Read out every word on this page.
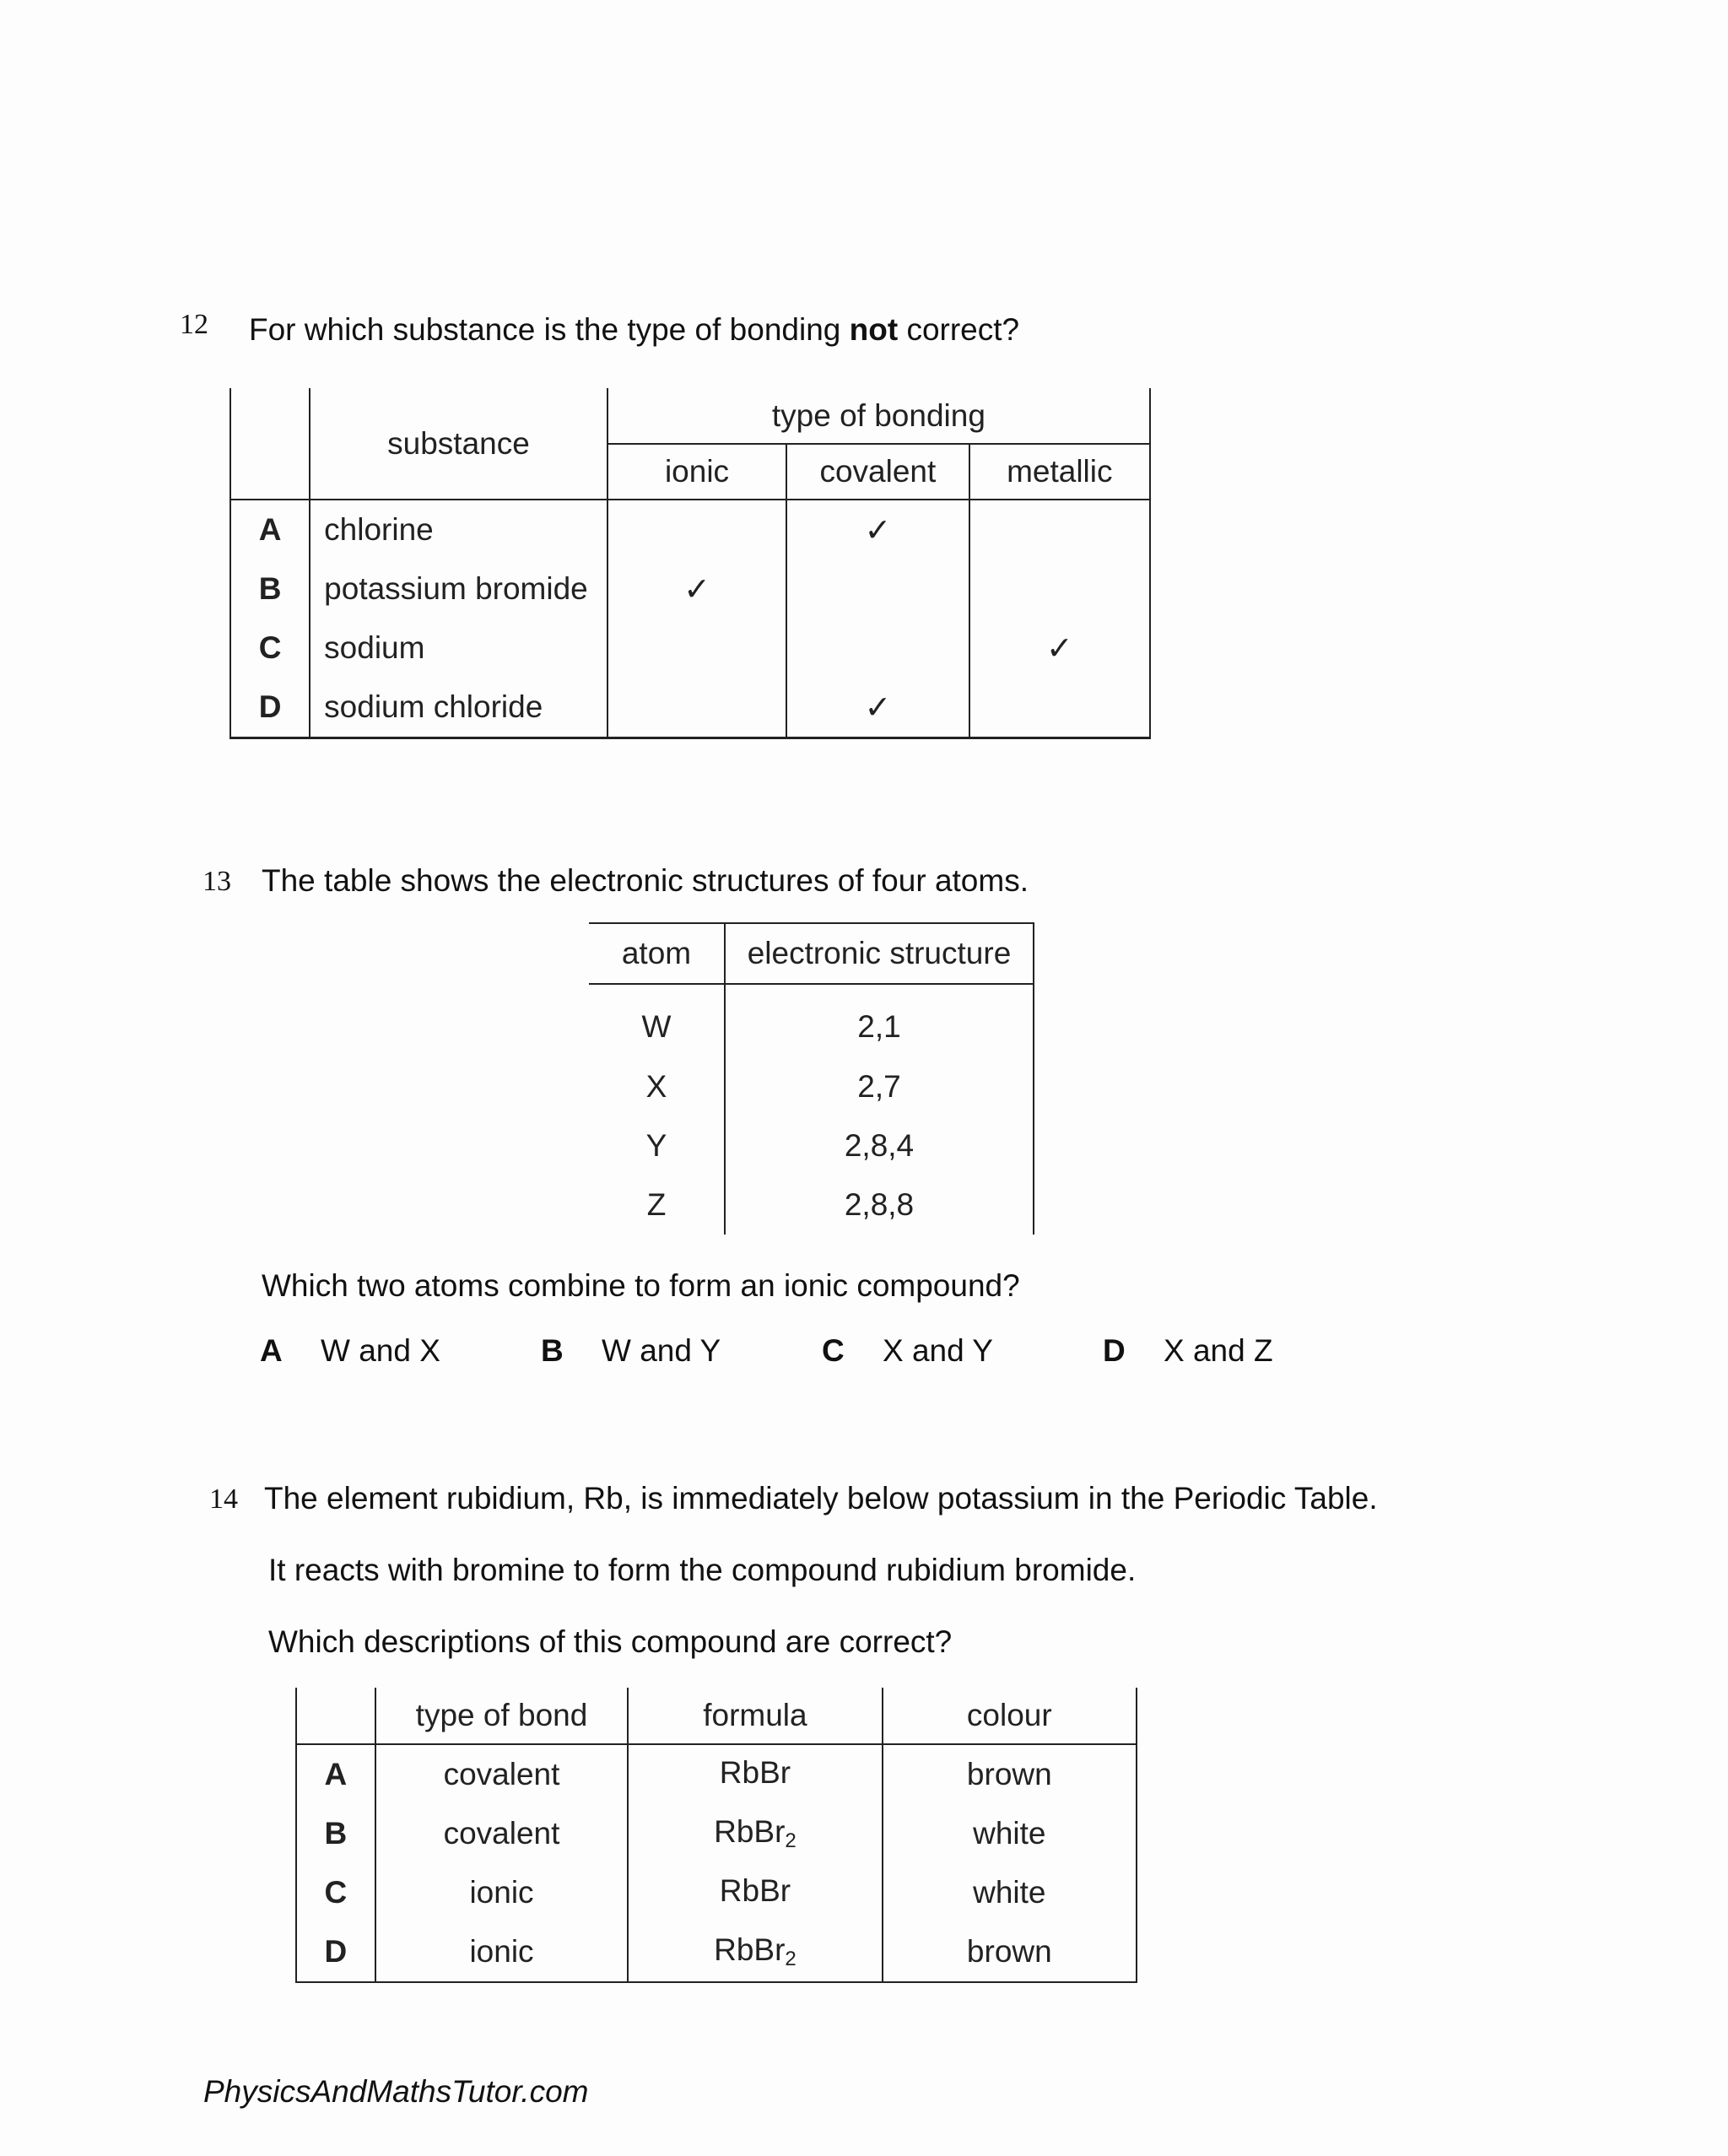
12 For which substance is the type of bonding not correct?
	substance	type of bonding		
		ionic	covalent	metallic
A	chlorine		✓	
B	potassium bromide	✓		
C	sodium			✓
D	sodium chloride		✓	
13 The table shows the electronic structures of four atoms.
atom	electronic structure
W	2,1
X	2,7
Y	2,8,4
Z	2,8,8
Which two atoms combine to form an ionic compound?
A W and X	B W and Y	C X and Y	D X and Z
14 The element rubidium, Rb, is immediately below potassium in the Periodic Table.
It reacts with bromine to form the compound rubidium bromide.
Which descriptions of this compound are correct?
	type of bond	formula	colour
A	covalent	RbBr	brown
B	covalent	RbBr$_2$	white
C	ionic	RbBr	white
D	ionic	RbBr$_2$	brown
PhysicsAndMathsTutor.com
